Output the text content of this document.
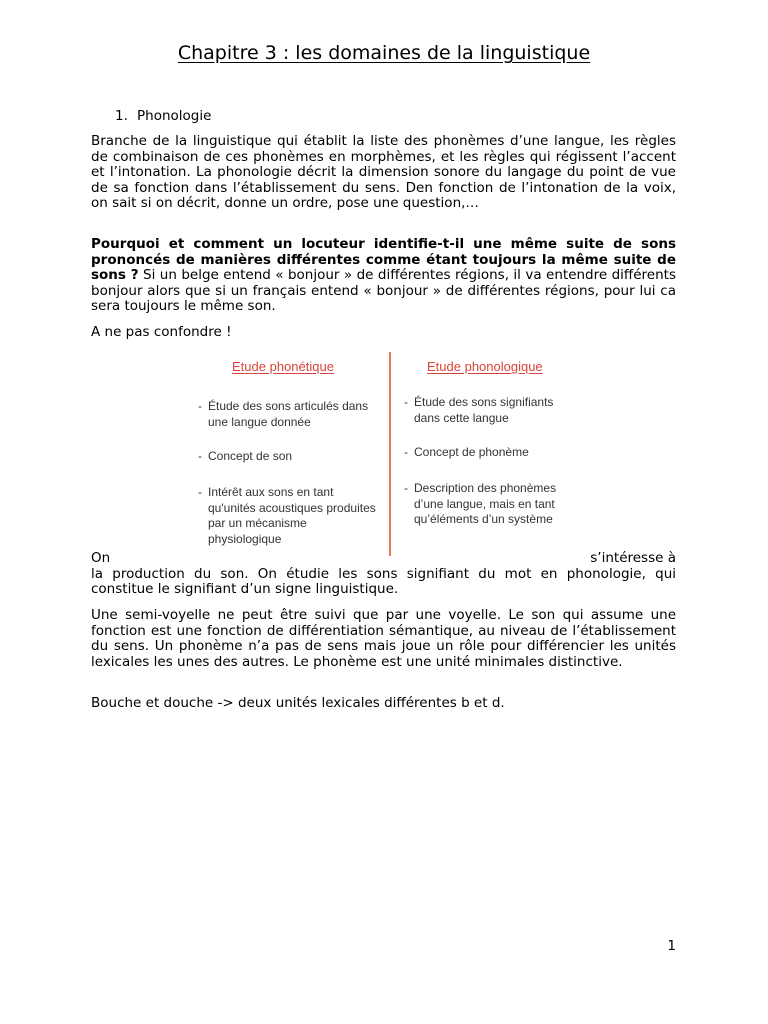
Chapitre 3 : les domaines de la linguistique
1. Phonologie

Branche de la linguistique qui établit la liste des phonèmes d’une langue, les règles de combinaison de ces phonèmes en morphèmes, et les règles qui régissent l’accent et l’intonation. La phonologie décrit la dimension sonore du langage du point de vue de sa fonction dans l’établissement du sens. Den fonction de l’intonation de la voix, on sait si on décrit, donne un ordre, pose une question,…

Pourquoi et comment un locuteur identifie-t-il une même suite de sons prononcés de manières différentes comme étant toujours la même suite de sons ? Si un belge entend « bonjour » de différentes régions, il va entendre différents bonjour alors que si un français entend « bonjour » de différentes régions, pour lui ca sera toujours le même son.

A ne pas confondre !

Etude phonétique
- Étude des sons articulés dans une langue donnée
- Concept de son
- Intérêt aux sons en tant qu'unités acoustiques produites par un mécanisme physiologique
Etude phonologique
- Étude des sons signifiants dans cette langue
- Concept de phonème
- Description des phonèmes d’une langue, mais en tant qu’éléments d’un système
On	s’intéresse à

la production du son. On étudie les sons signifiant du mot en phonologie, qui constitue le signifiant d’un signe linguistique.

Une semi-voyelle ne peut être suivi que par une voyelle. Le son qui assume une fonction est une fonction de différentiation sémantique, au niveau de l’établissement du sens. Un phonème n’a pas de sens mais joue un rôle pour différencier les unités lexicales les unes des autres. Le phonème est une unité minimales distinctive.

Bouche et douche -> deux unités lexicales différentes b et d.

1
